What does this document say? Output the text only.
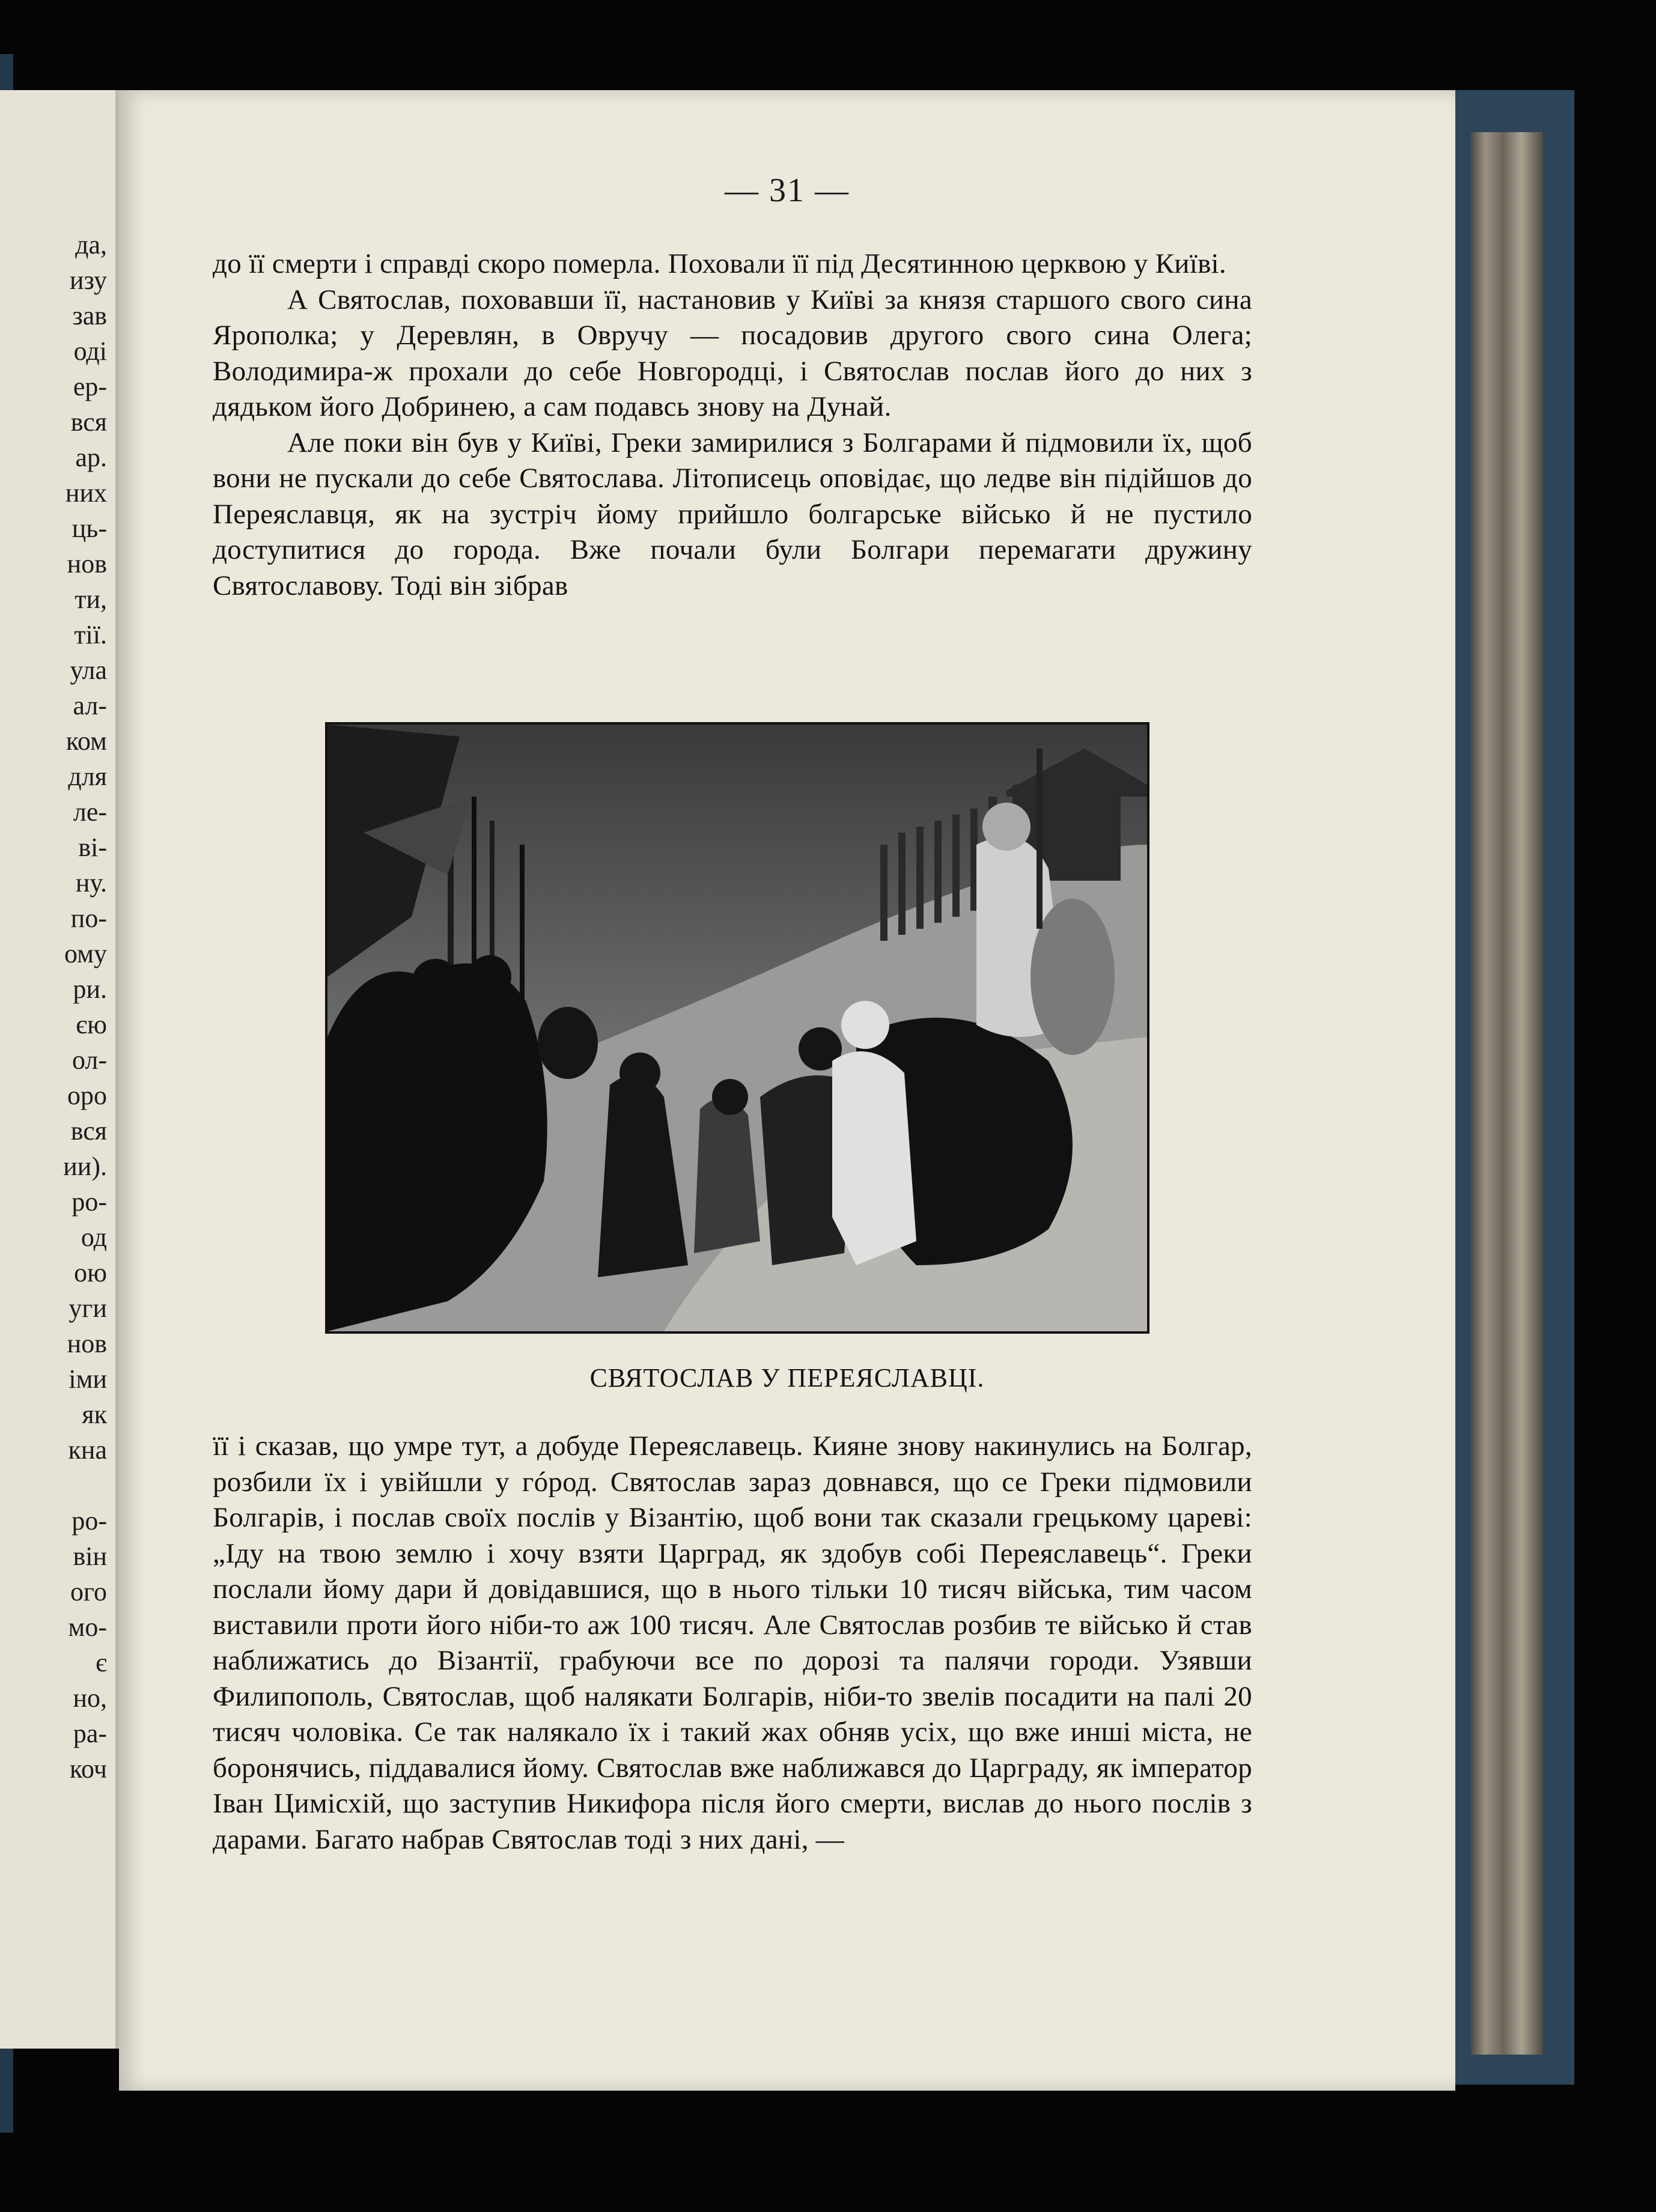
да,
изу
зав
оді
ер-
вся
ар.
них
ць-
нов
ти,
тії.
ула
ал-
ком
для
ле-
ві-
ну.
по-
ому
ри.
єю
ол-
оро
вся
ии).
ро-
од
ою
уги
нов
іми
як
кна
ро-
він
ого
мо-
є
но,
ра-
коч
— 31 —

до її смерти і справді скоро померла. Поховали її під Десятинною церквою у Київі.

А Святослав, поховавши її, настановив у Київі за князя старшого свого сина Ярополка; у Деревлян, в Овручу — посадовив другого свого сина Олега; Володимира-ж прохали до себе Новгородці, і Святослав послав його до них з дядьком його Добринею, а сам подавсь знову на Дунай.

Але поки він був у Київі, Греки замирилися з Болгарами й підмовили їх, щоб вони не пускали до себе Святослава. Літописець оповідає, що ледве він підійшов до Переяславця, як на зустріч йому прийшло болгарське військо й не пустило доступитися до города. Вже почали були Болгари перемагати дружину Святославову. Тоді він зібрав

СВЯТОСЛАВ У ПЕРЕЯСЛАВЦІ.

її і сказав, що умре тут, а добуде Переяславець. Кияне знову накинулись на Болгар, розбили їх і увійшли у гóрод. Святослав зараз довнався, що се Греки підмовили Болгарів, і послав своїх послів у Візантію, щоб вони так сказали грецькому цареві: „Іду на твою землю і хочу взяти Царград, як здобув собі Переяславець“. Греки послали йому дари й довідавшися, що в нього тільки 10 тисяч війська, тим часом виставили проти його ніби-то аж 100 тисяч. Але Святослав розбив те військо й став наближатись до Візантії, грабуючи все по дорозі та палячи городи. Узявши Филипополь, Святослав, щоб налякати Болгарів, ніби-то звелів посадити на палі 20 тисяч чоловіка. Се так налякало їх і такий жах обняв усіх, що вже инші міста, не боронячись, піддавалися йому. Святослав вже наближався до Царграду, як імператор Іван Цимісхій, що заступив Никифора після його смерти, вислав до нього послів з дарами. Багато набрав Святослав тоді з них дані, —
